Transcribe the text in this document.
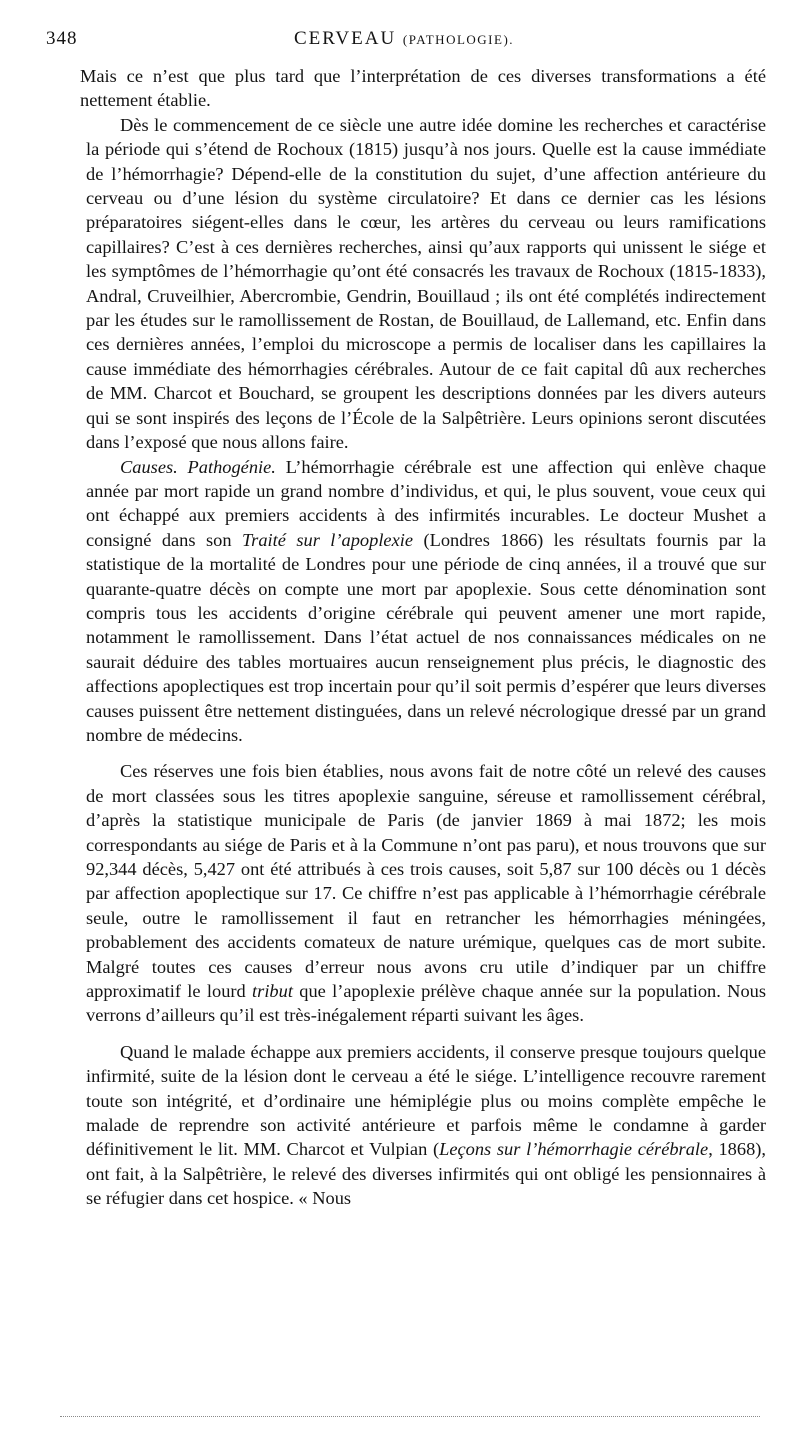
348	CERVEAU (PATHOLOGIE).

Mais ce n’est que plus tard que l’interprétation de ces diverses transformations a été nettement établie.

Dès le commencement de ce siècle une autre idée domine les recherches et caractérise la période qui s’étend de Rochoux (1815) jusqu’à nos jours. Quelle est la cause immédiate de l’hémorrhagie? Dépend-elle de la constitution du sujet, d’une affection antérieure du cerveau ou d’une lésion du système circulatoire? Et dans ce dernier cas les lésions préparatoires siégent-elles dans le cœur, les artères du cerveau ou leurs ramifications capillaires? C’est à ces dernières recherches, ainsi qu’aux rapports qui unissent le siége et les symptômes de l’hémorrhagie qu’ont été consacrés les travaux de Rochoux (1815-1833), Andral, Cruveilhier, Abercrombie, Gendrin, Bouillaud ; ils ont été complétés indirectement par les études sur le ramollissement de Rostan, de Bouillaud, de Lallemand, etc. Enfin dans ces dernières années, l’emploi du microscope a permis de localiser dans les capillaires la cause immédiate des hémorrhagies cérébrales. Autour de ce fait capital dû aux recherches de MM. Charcot et Bouchard, se groupent les descriptions données par les divers auteurs qui se sont inspirés des leçons de l’École de la Salpêtrière. Leurs opinions seront discutées dans l’exposé que nous allons faire.

Causes. Pathogénie. L’hémorrhagie cérébrale est une affection qui enlève chaque année par mort rapide un grand nombre d’individus, et qui, le plus souvent, voue ceux qui ont échappé aux premiers accidents à des infirmités incurables. Le docteur Mushet a consigné dans son Traité sur l’apoplexie (Londres 1866) les résultats fournis par la statistique de la mortalité de Londres pour une période de cinq années, il a trouvé que sur quarante-quatre décès on compte une mort par apoplexie. Sous cette dénomination sont compris tous les accidents d’origine cérébrale qui peuvent amener une mort rapide, notamment le ramollissement. Dans l’état actuel de nos connaissances médicales on ne saurait déduire des tables mortuaires aucun renseignement plus précis, le diagnostic des affections apoplectiques est trop incertain pour qu’il soit permis d’espérer que leurs diverses causes puissent être nettement distinguées, dans un relevé nécrologique dressé par un grand nombre de médecins.

Ces réserves une fois bien établies, nous avons fait de notre côté un relevé des causes de mort classées sous les titres apoplexie sanguine, séreuse et ramollissement cérébral, d’après la statistique municipale de Paris (de janvier 1869 à mai 1872; les mois correspondants au siége de Paris et à la Commune n’ont pas paru), et nous trouvons que sur 92,344 décès, 5,427 ont été attribués à ces trois causes, soit 5,87 sur 100 décès ou 1 décès par affection apoplectique sur 17. Ce chiffre n’est pas applicable à l’hémorrhagie cérébrale seule, outre le ramollissement il faut en retrancher les hémorrhagies méningées, probablement des accidents comateux de nature urémique, quelques cas de mort subite. Malgré toutes ces causes d’erreur nous avons cru utile d’indiquer par un chiffre approximatif le lourd tribut que l’apoplexie prélève chaque année sur la population. Nous verrons d’ailleurs qu’il est très-inégalement réparti suivant les âges.

Quand le malade échappe aux premiers accidents, il conserve presque toujours quelque infirmité, suite de la lésion dont le cerveau a été le siége. L’intelligence recouvre rarement toute son intégrité, et d’ordinaire une hémiplégie plus ou moins complète empêche le malade de reprendre son activité antérieure et parfois même le condamne à garder définitivement le lit. MM. Charcot et Vulpian (Leçons sur l’hémorrhagie cérébrale, 1868), ont fait, à la Salpêtrière, le relevé des diverses infirmités qui ont obligé les pensionnaires à se réfugier dans cet hospice. « Nous
